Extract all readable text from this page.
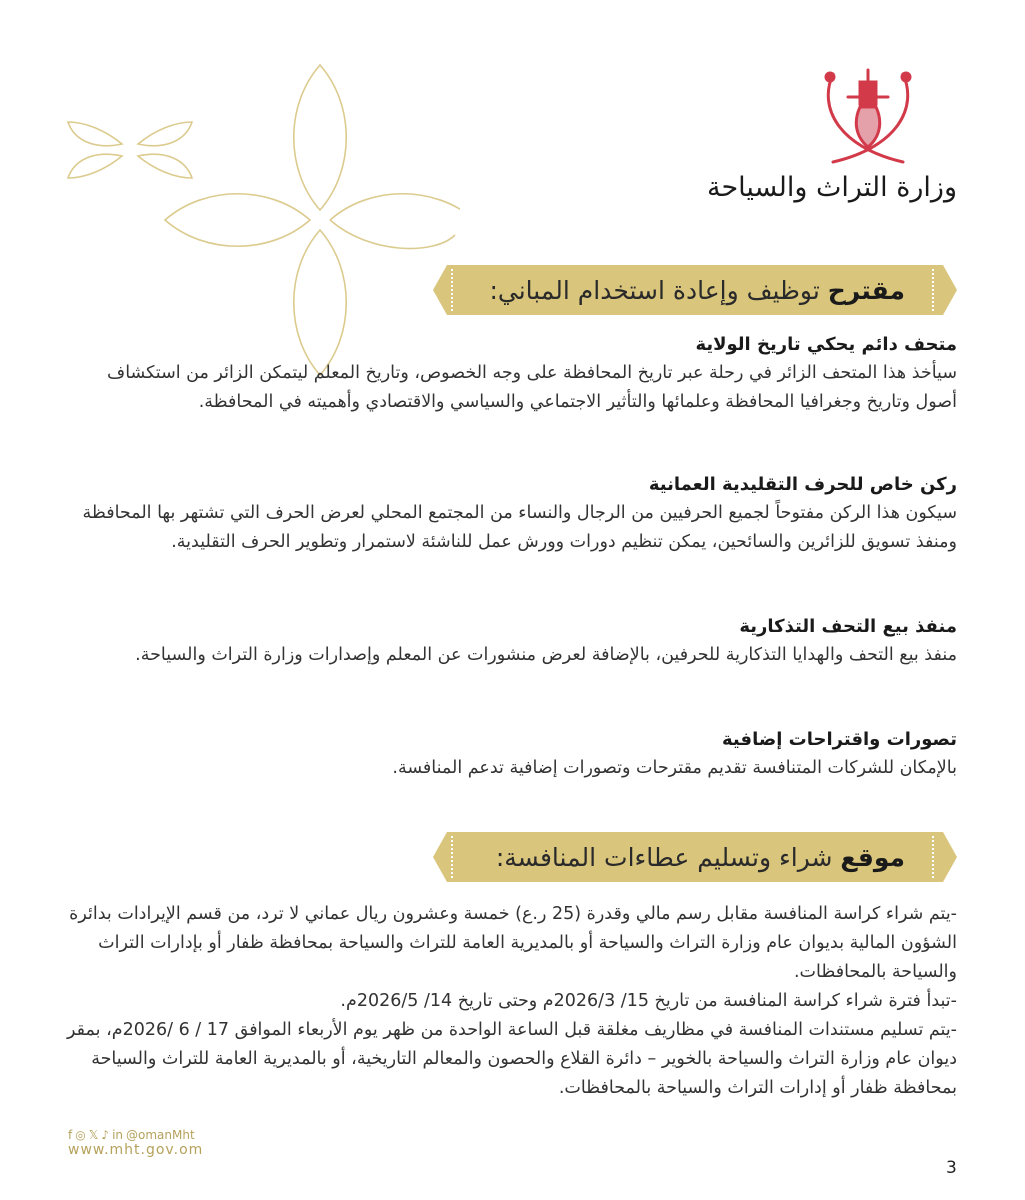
وزارة التراث والسياحة
مقترح توظيف وإعادة استخدام المباني:
متحف دائم يحكي تاريخ الولاية

سيأخذ هذا المتحف الزائر في رحلة عبر تاريخ المحافظة على وجه الخصوص، وتاريخ المعلم ليتمكن الزائر من استكشاف أصول وتاريخ وجغرافيا المحافظة وعلمائها والتأثير الاجتماعي والسياسي والاقتصادي وأهميته في المحافظة.

ركن خاص للحرف التقليدية العمانية

سيكون هذا الركن مفتوحاً لجميع الحرفيين من الرجال والنساء من المجتمع المحلي لعرض الحرف التي تشتهر بها المحافظة ومنفذ تسويق للزائرين والسائحين، يمكن تنظيم دورات وورش عمل للناشئة لاستمرار وتطوير الحرف التقليدية.

منفذ بيع التحف التذكارية

منفذ بيع التحف والهدايا التذكارية للحرفين، بالإضافة لعرض منشورات عن المعلم وإصدارات وزارة التراث والسياحة.

تصورات واقتراحات إضافية

بالإمكان للشركات المتنافسة تقديم مقترحات وتصورات إضافية تدعم المنافسة.

موقع شراء وتسليم عطاءات المنافسة:

-يتم شراء كراسة المنافسة مقابل رسم مالي وقدرة (25 ر.ع) خمسة وعشرون ريال عماني لا ترد، من قسم الإيرادات بدائرة الشؤون المالية بديوان عام وزارة التراث والسياحة أو بالمديرية العامة للتراث والسياحة بمحافظة ظفار أو بإدارات التراث والسياحة بالمحافظات.

-تبدأ فترة شراء كراسة المنافسة من تاريخ 15/ 2026/3م وحتى تاريخ 14/ 2026/5م.

-يتم تسليم مستندات المنافسة في مظاريف مغلقة قبل الساعة الواحدة من ظهر يوم الأربعاء الموافق 17 / 6 /2026م، بمقر ديوان عام وزارة التراث والسياحة بالخوير – دائرة القلاع والحصون والمعالم التاريخية، أو بالمديرية العامة للتراث والسياحة بمحافظة ظفار أو إدارات التراث والسياحة بالمحافظات.

f ◎ 𝕏 ♪ in @omanMht
www.mht.gov.om
3
